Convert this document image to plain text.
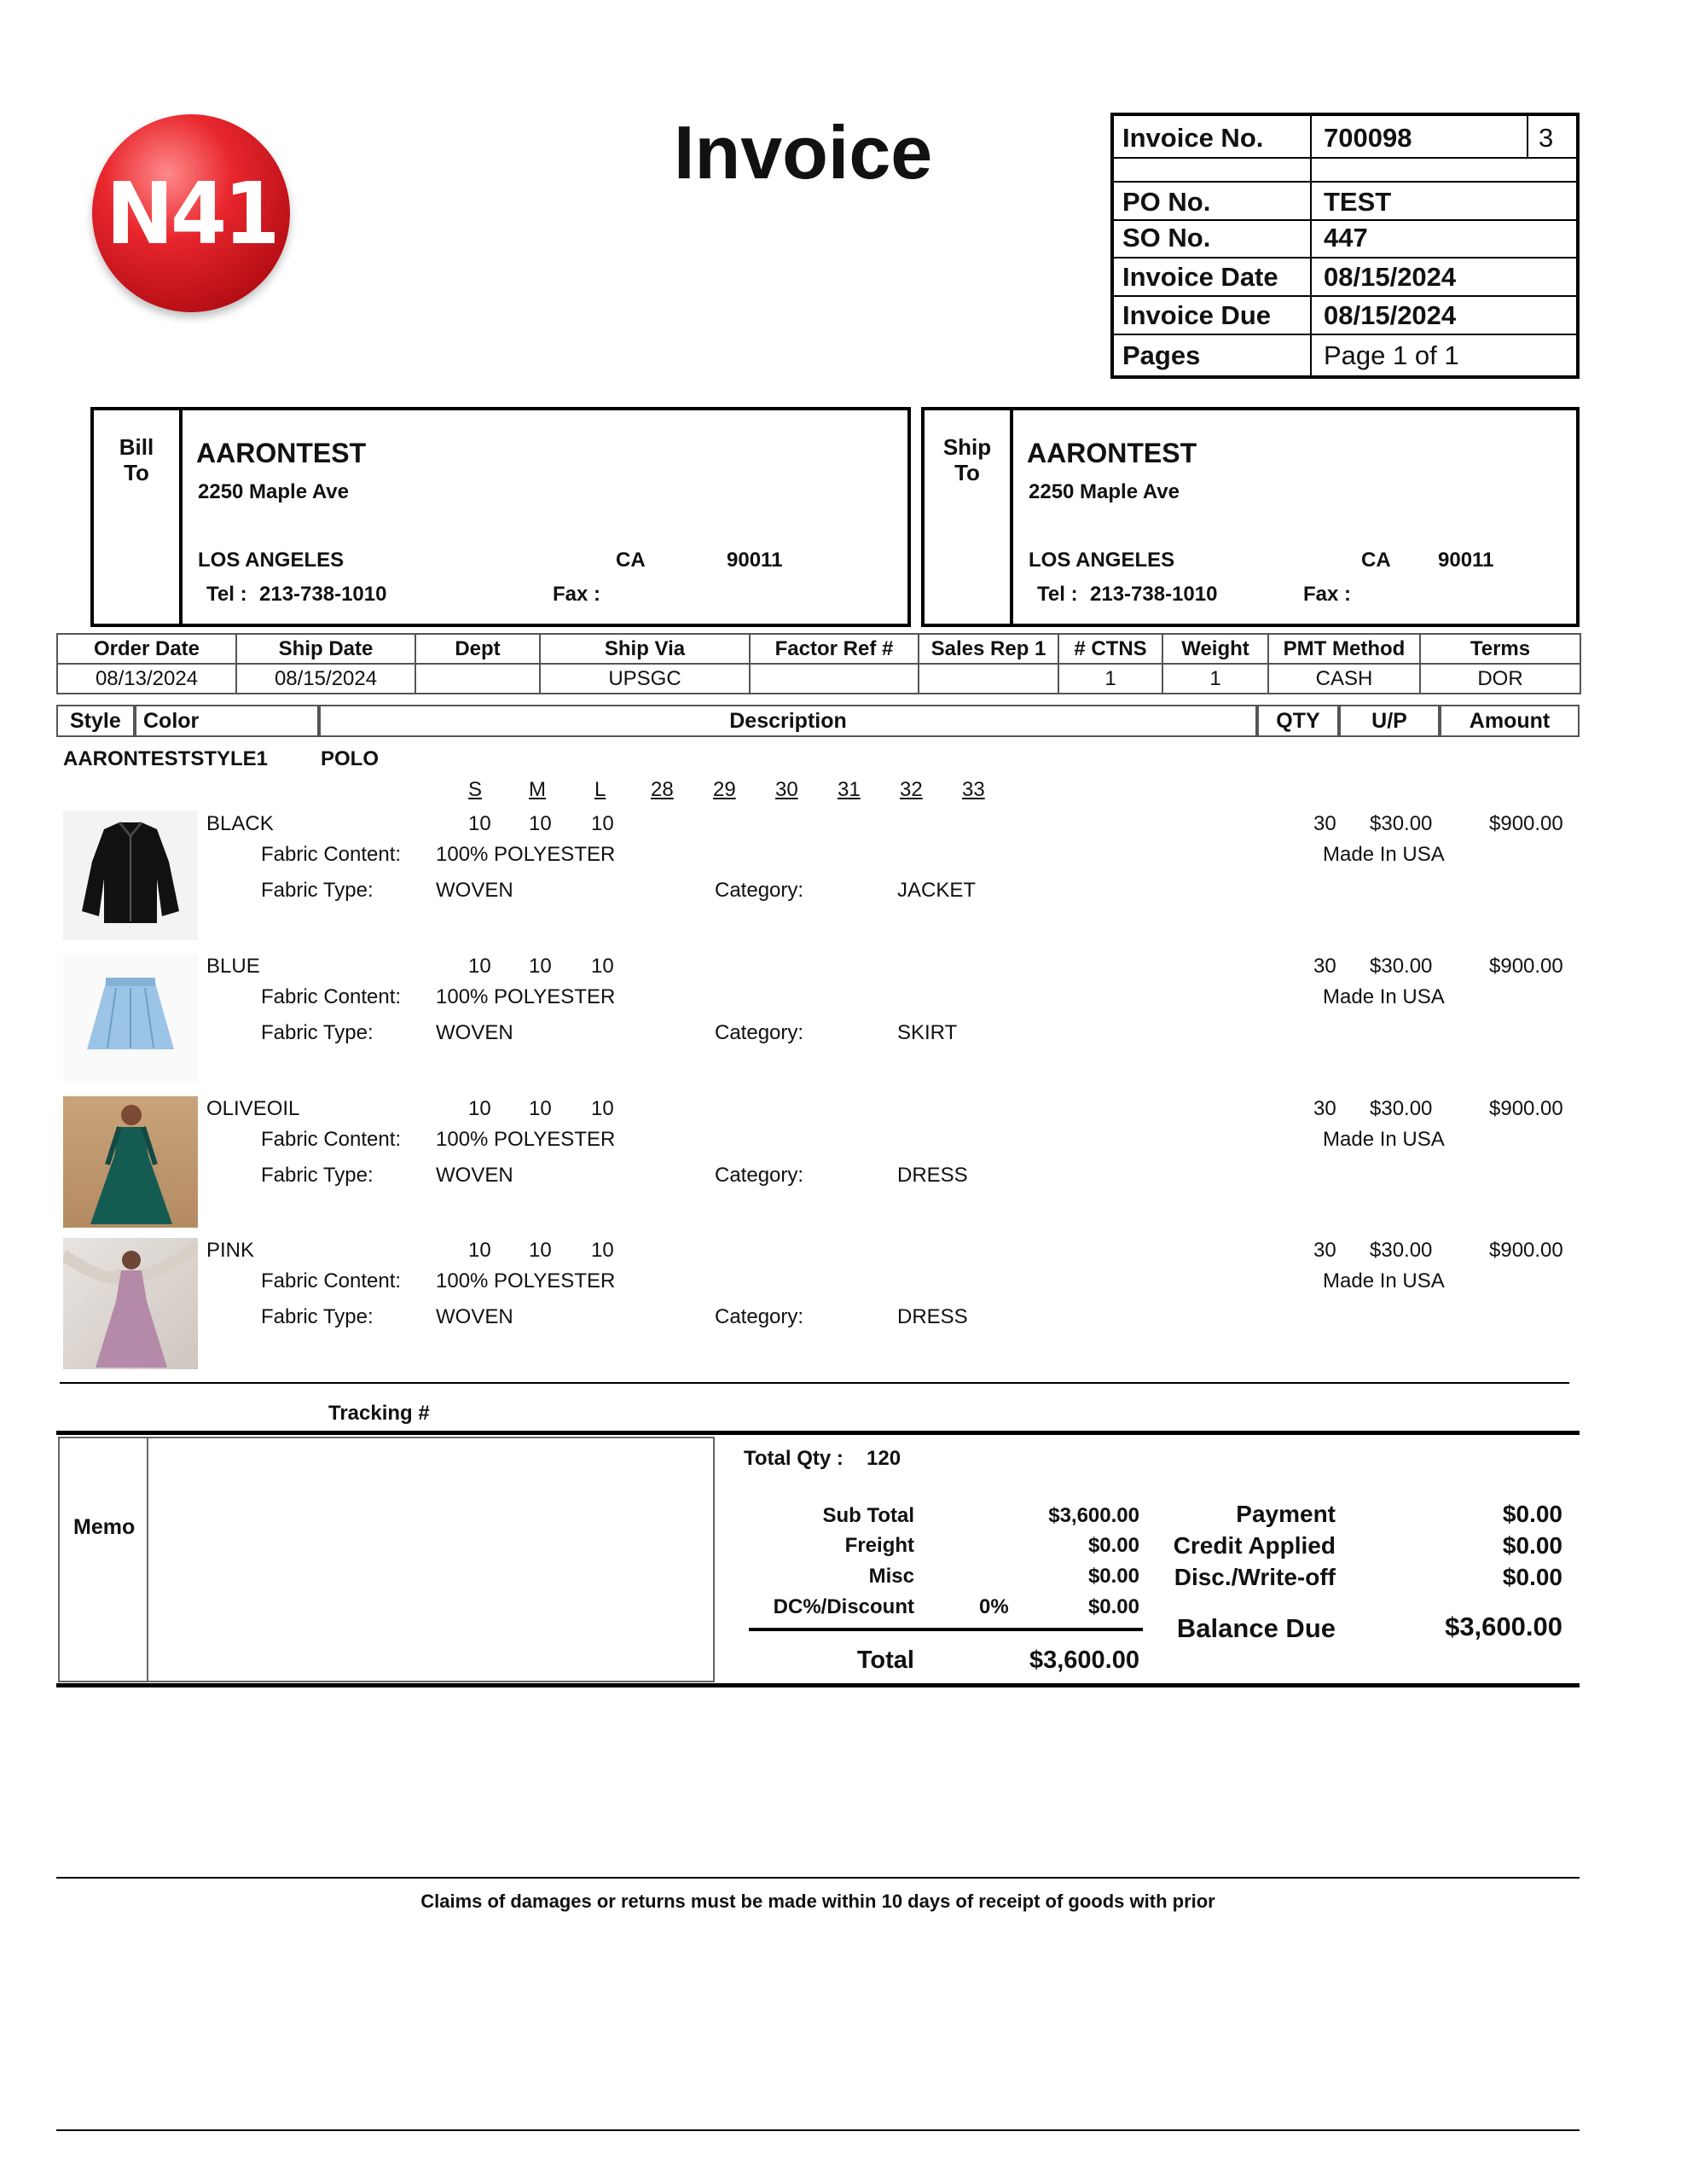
N41
Invoice	Invoice No. 700098	3
PO No.	TEST
SO No.	447
Invoice Date 08/15/2024
Invoice Due 08/15/2024
Pages	Page 1 of 1
Bill
To
AARONTEST
2250 Maple Ave
LOS ANGELES	CA	90011
Tel : 213-738-1010	Fax :
Ship
To
AARONTEST
2250 Maple Ave
LOS ANGELES	CA 90011
Tel : 213-738-1010	Fax :
Order Date	Ship Date	Dept	Ship Via	Factor Ref #	Sales Rep 1	# CTNS	Weight	PMT Method	Terms
08/13/2024	08/15/2024		UPSGC			1	1	CASH	DOR
Style	Color	Description	QTY	U/P	Amount
AARONTESTSTYLE1	POLO
S M L 28 29 30 31 32 33
BLACK	10 10 10	30 $30.00	$900.00
Fabric Content: 100% POLYESTER	Made In USA
Fabric Type:	WOVEN	Category:	JACKET
BLUE	10 10 10	30 $30.00	$900.00
Fabric Content: 100% POLYESTER	Made In USA
Fabric Type:	WOVEN	Category:	SKIRT
OLIVEOIL	10 10 10	30 $30.00	$900.00
Fabric Content: 100% POLYESTER	Made In USA
Fabric Type:	WOVEN	Category:	DRESS
PINK	10 10 10	30 $30.00	$900.00
Fabric Content: 100% POLYESTER	Made In USA
Fabric Type:	WOVEN	Category:	DRESS
Tracking #
Memo
Total Qty : 120
Sub Total	$3,600.00
Freight	$0.00
Misc	$0.00
DC%/Discount	0%	$0.00
Total	$3,600.00
Payment	$0.00
Credit Applied	$0.00
Disc./Write-off	$0.00
Balance Due	$3,600.00
Claims of damages or returns must be made within 10 days of receipt of goods with prior
